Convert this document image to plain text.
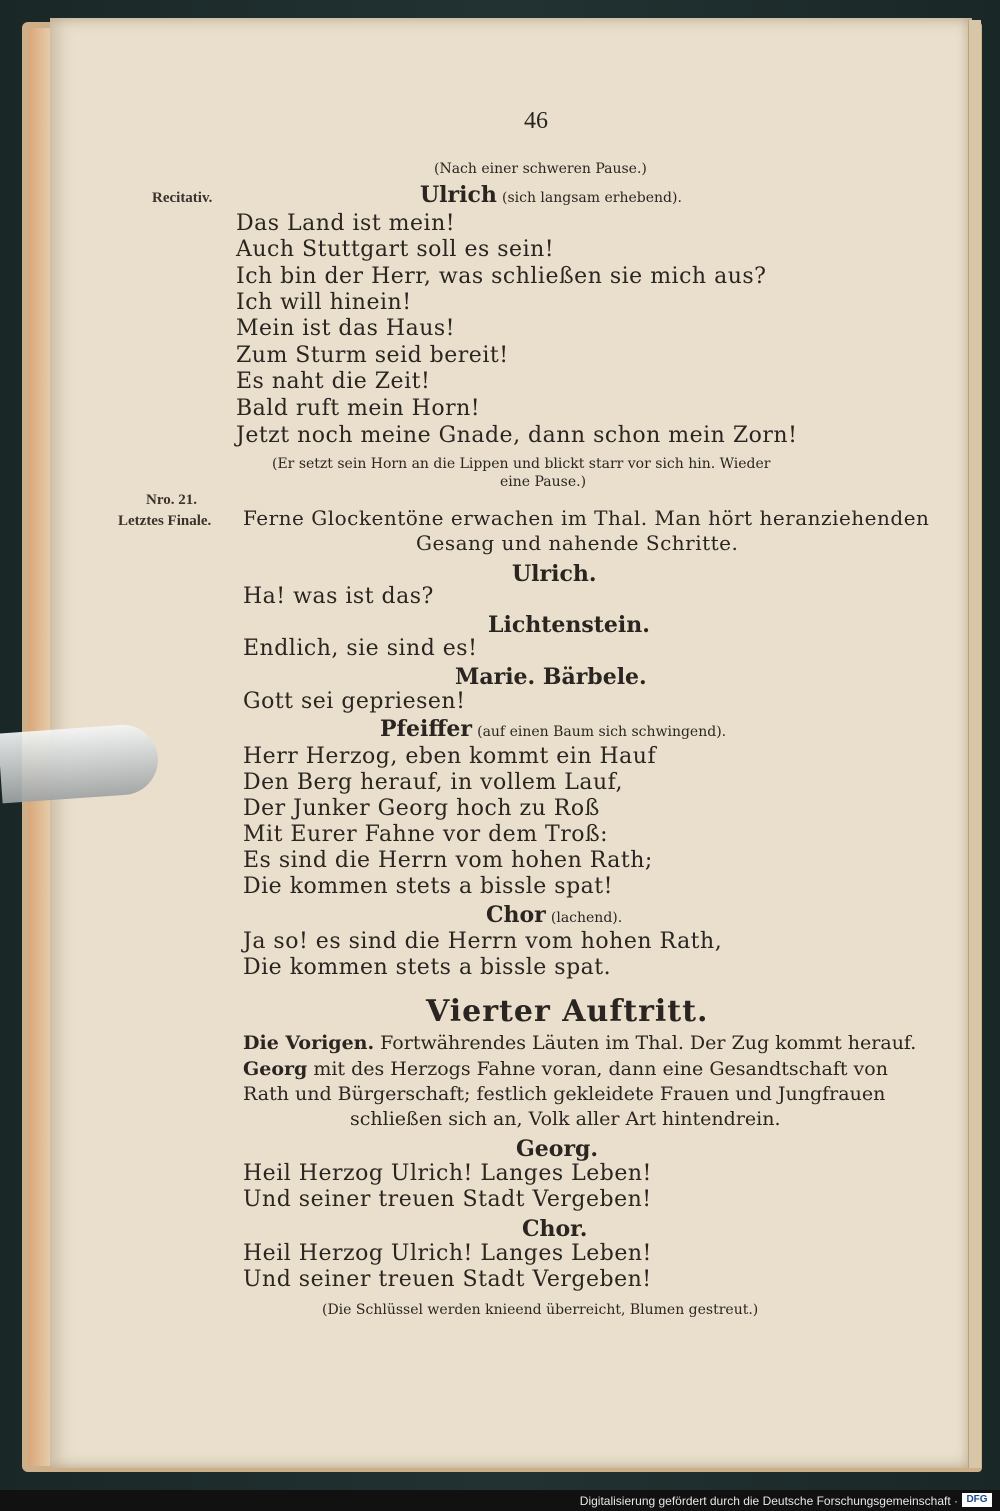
46
Recitativ.
Nro. 21.
Letztes Finale.
(Nach einer schweren Pause.)
Ulrich (sich langsam erhebend).
Das Land ist mein!
Auch Stuttgart soll es sein!
Ich bin der Herr, was schließen sie mich aus?
Ich will hinein!
Mein ist das Haus!
Zum Sturm seid bereit!
Es naht die Zeit!
Bald ruft mein Horn!
Jetzt noch meine Gnade, dann schon mein Zorn!
(Er setzt sein Horn an die Lippen und blickt starr vor sich hin. Wieder
eine Pause.)
Ferne Glockentöne erwachen im Thal. Man hört heranziehenden
Gesang und nahende Schritte.
Ulrich.
Ha! was ist das?
Lichtenstein.
Endlich, sie sind es!
Marie. Bärbele.
Gott sei gepriesen!
Pfeiffer (auf einen Baum sich schwingend).
Herr Herzog, eben kommt ein Hauf
Den Berg herauf, in vollem Lauf,
Der Junker Georg hoch zu Roß
Mit Eurer Fahne vor dem Troß:
Es sind die Herrn vom hohen Rath;
Die kommen stets a bissle spat!
Chor (lachend).
Ja so! es sind die Herrn vom hohen Rath,
Die kommen stets a bissle spat.
Vierter Auftritt.
Die Vorigen. Fortwährendes Läuten im Thal. Der Zug kommt herauf.
Georg mit des Herzogs Fahne voran, dann eine Gesandtschaft von
Rath und Bürgerschaft; festlich gekleidete Frauen und Jungfrauen
schließen sich an, Volk aller Art hintendrein.
Georg.
Heil Herzog Ulrich! Langes Leben!
Und seiner treuen Stadt Vergeben!
Chor.
Heil Herzog Ulrich! Langes Leben!
Und seiner treuen Stadt Vergeben!
(Die Schlüssel werden knieend überreicht, Blumen gestreut.)
Digitalisierung gefördert durch die Deutsche Forschungsgemeinschaft · DFG
